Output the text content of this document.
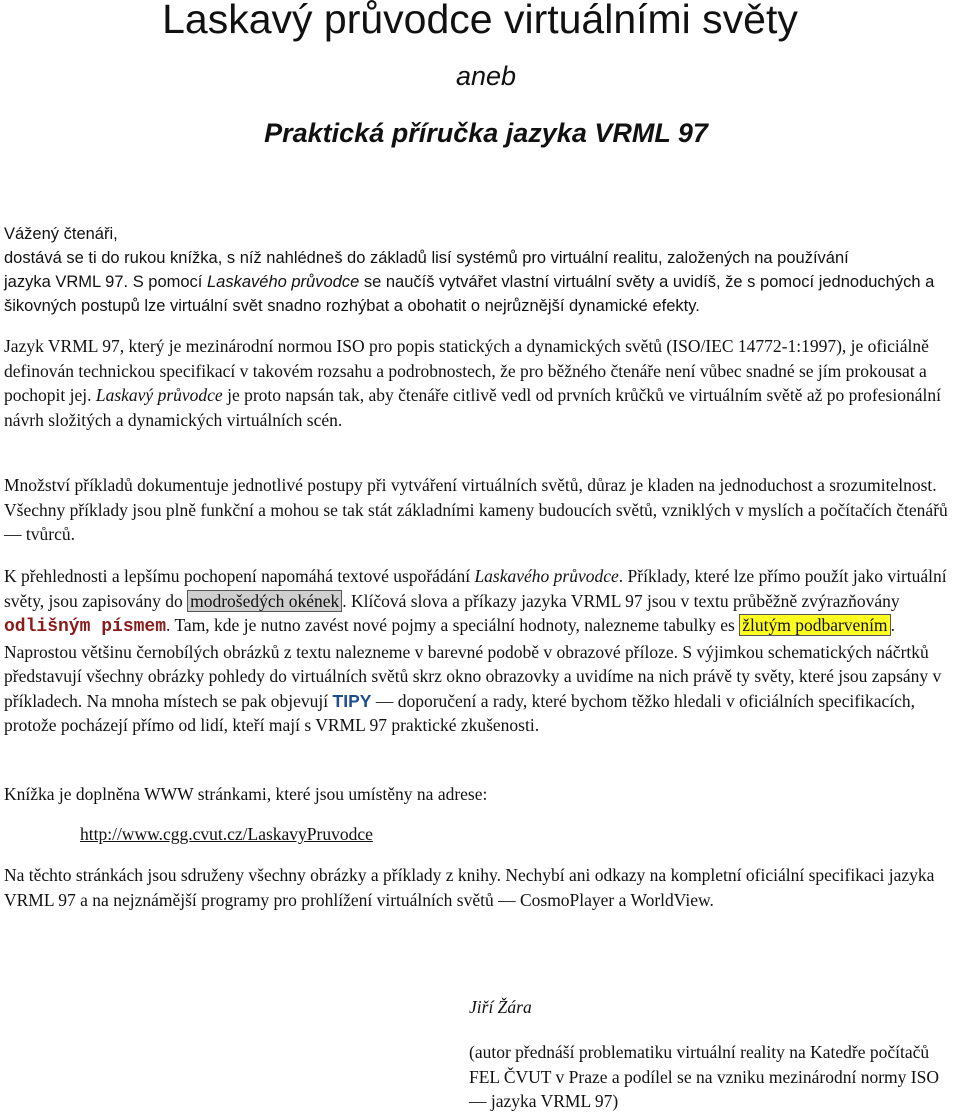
Laskavý průvodce virtuálními světy
aneb
Praktická příručka jazyka VRML 97

Vážený čtenáři,
dostává se ti do rukou knížka, s níž nahlédneš do základů lisí systémů pro virtuální realitu, založených na používání
jazyka VRML 97. S pomocí Laskavého průvodce se naučíš vytvářet vlastní virtuální světy a uvidíš, že s pomocí jednoduchých a šikovných postupů lze virtuální svět snadno rozhýbat a obohatit o nejrůznější dynamické efekty.

Jazyk VRML 97, který je mezinárodní normou ISO pro popis statických a dynamických světů (ISO/IEC 14772-1:1997), je oficiálně definován technickou specifikací v takovém rozsahu a podrobnostech, že pro běžného čtenáře není vůbec snadné se jím prokousat a pochopit jej. Laskavý průvodce je proto napsán tak, aby čtenáře citlivě vedl od prvních krůčků ve virtuálním světě až po profesionální návrh složitých a dynamických virtuálních scén.

Množství příkladů dokumentuje jednotlivé postupy při vytváření virtuálních světů, důraz je kladen na jednoduchost a srozumitelnost. Všechny příklady jsou plně funkční a mohou se tak stát základními kameny budoucích světů, vzniklých v myslích a počítačích čtenářů — tvůrců.

K přehlednosti a lepšímu pochopení napomáhá textové uspořádání Laskavého průvodce. Příklady, které lze přímo použít jako virtuální světy, jsou zapisovány do modrošedých okének . Klíčová slova a příkazy jazyka VRML 97 jsou v textu průběžně zvýrazňovány odlišným písmem. Tam, kde je nutno zavést nové pojmy a speciální hodnoty, nalezneme tabulky es žlutým podbarvením . Naprostou většinu černobílých obrázků z textu nalezneme v barevné podobě v obrazové příloze. S výjimkou schematických náčrtků představují všechny obrázky pohledy do virtuálních světů skrz okno obrazovky a uvidíme na nich právě ty světy, které jsou zapsány v příkladech. Na mnoha místech se pak objevují TIPY — doporučení a rady, které bychom těžko hledali v oficiálních specifikacích, protože pocházejí přímo od lidí, kteří mají s VRML 97 praktické zkušenosti.

Knížka je doplněna WWW stránkami, které jsou umístěny na adrese:

http://www.cgg.cvut.cz/LaskavyPruvodce

Na těchto stránkách jsou sdruženy všechny obrázky a příklady z knihy. Nechybí ani odkazy na kompletní oficiální specifikaci jazyka VRML 97 a na nejznámější programy pro prohlížení virtuálních světů — CosmoPlayer a WorldView.

Jiří Žára

(autor přednáší problematiku virtuální reality na Katedře počítačů FEL ČVUT v Praze a podílel se na vzniku mezinárodní normy ISO — jazyka VRML 97)
